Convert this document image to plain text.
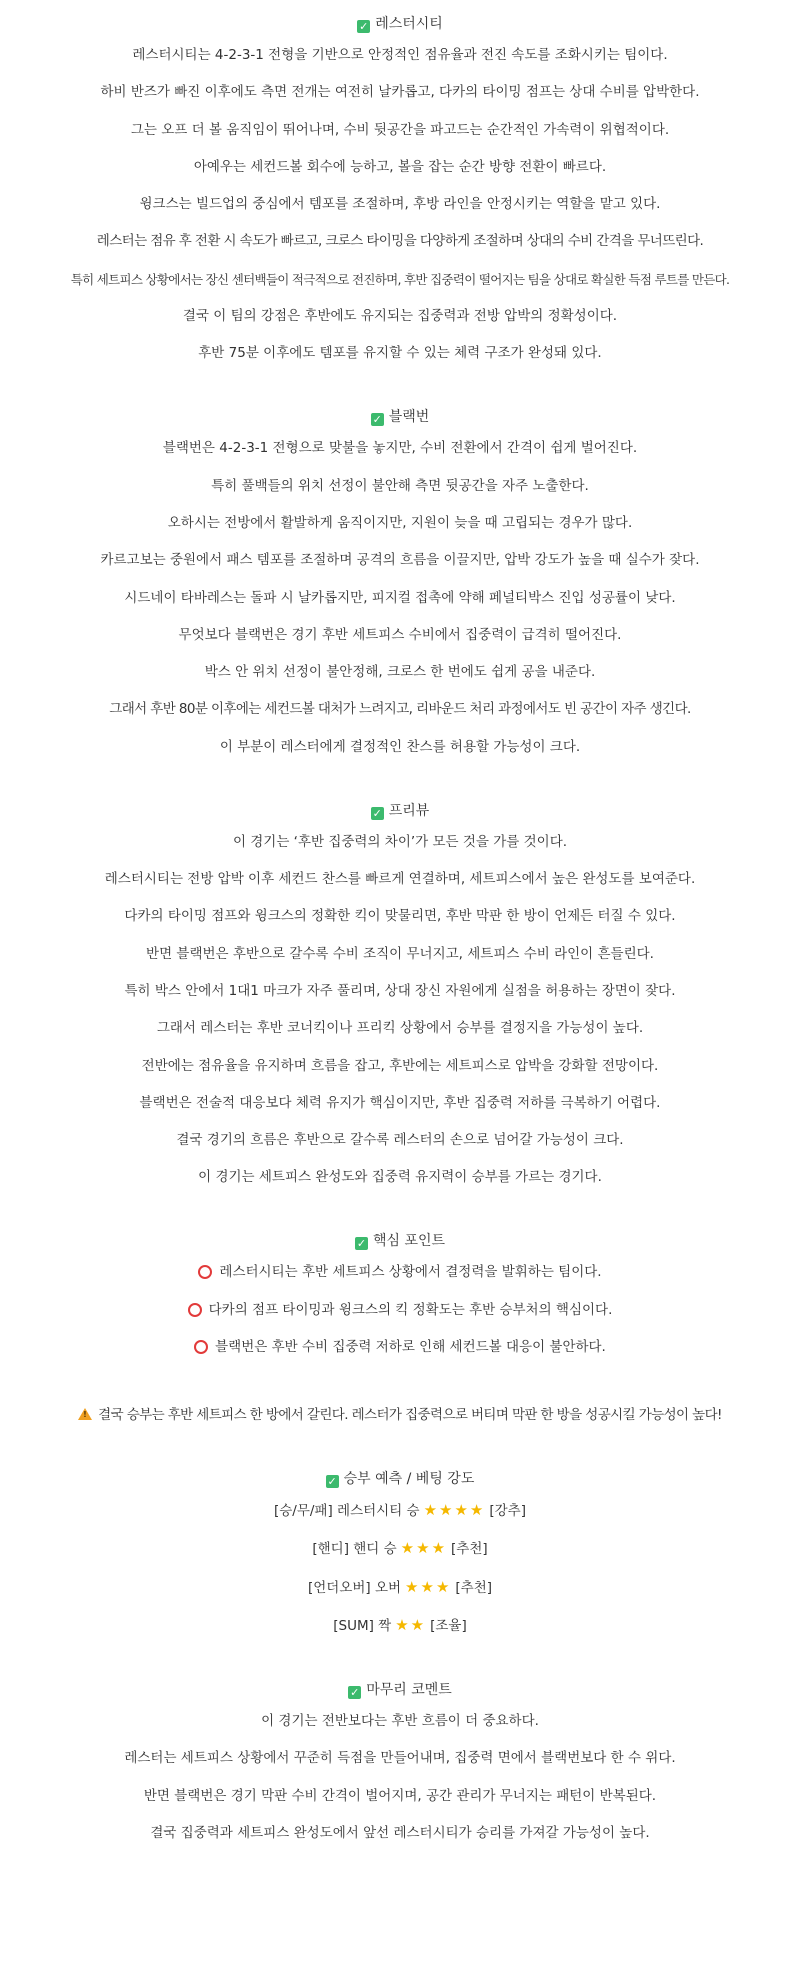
✓ 레스터시티
레스터시티는 4-2-3-1 전형을 기반으로 안정적인 점유율과 전진 속도를 조화시키는 팀이다.
하비 반즈가 빠진 이후에도 측면 전개는 여전히 날카롭고, 다카의 타이밍 점프는 상대 수비를 압박한다.
그는 오프 더 볼 움직임이 뛰어나며, 수비 뒷공간을 파고드는 순간적인 가속력이 위협적이다.
아예우는 세컨드볼 회수에 능하고, 볼을 잡는 순간 방향 전환이 빠르다.
윙크스는 빌드업의 중심에서 템포를 조절하며, 후방 라인을 안정시키는 역할을 맡고 있다.
레스터는 점유 후 전환 시 속도가 빠르고, 크로스 타이밍을 다양하게 조절하며 상대의 수비 간격을 무너뜨린다.
특히 세트피스 상황에서는 장신 센터백들이 적극적으로 전진하며, 후반 집중력이 떨어지는 팀을 상대로 확실한 득점 루트를 만든다.
결국 이 팀의 강점은 후반에도 유지되는 집중력과 전방 압박의 정확성이다.
후반 75분 이후에도 템포를 유지할 수 있는 체력 구조가 완성돼 있다.
✓ 블랙번
블랙번은 4-2-3-1 전형으로 맞불을 놓지만, 수비 전환에서 간격이 쉽게 벌어진다.
특히 풀백들의 위치 선정이 불안해 측면 뒷공간을 자주 노출한다.
오하시는 전방에서 활발하게 움직이지만, 지원이 늦을 때 고립되는 경우가 많다.
카르고보는 중원에서 패스 템포를 조절하며 공격의 흐름을 이끌지만, 압박 강도가 높을 때 실수가 잦다.
시드네이 타바레스는 돌파 시 날카롭지만, 피지컬 접촉에 약해 페널티박스 진입 성공률이 낮다.
무엇보다 블랙번은 경기 후반 세트피스 수비에서 집중력이 급격히 떨어진다.
박스 안 위치 선정이 불안정해, 크로스 한 번에도 쉽게 공을 내준다.
그래서 후반 80분 이후에는 세컨드볼 대처가 느려지고, 리바운드 처리 과정에서도 빈 공간이 자주 생긴다.
이 부분이 레스터에게 결정적인 찬스를 허용할 가능성이 크다.
✓ 프리뷰
이 경기는 ‘후반 집중력의 차이’가 모든 것을 가를 것이다.
레스터시티는 전방 압박 이후 세컨드 찬스를 빠르게 연결하며, 세트피스에서 높은 완성도를 보여준다.
다카의 타이밍 점프와 윙크스의 정확한 킥이 맞물리면, 후반 막판 한 방이 언제든 터질 수 있다.
반면 블랙번은 후반으로 갈수록 수비 조직이 무너지고, 세트피스 수비 라인이 흔들린다.
특히 박스 안에서 1대1 마크가 자주 풀리며, 상대 장신 자원에게 실점을 허용하는 장면이 잦다.
그래서 레스터는 후반 코너킥이나 프리킥 상황에서 승부를 결정지을 가능성이 높다.
전반에는 점유율을 유지하며 흐름을 잡고, 후반에는 세트피스로 압박을 강화할 전망이다.
블랙번은 전술적 대응보다 체력 유지가 핵심이지만, 후반 집중력 저하를 극복하기 어렵다.
결국 경기의 흐름은 후반으로 갈수록 레스터의 손으로 넘어갈 가능성이 크다.
이 경기는 세트피스 완성도와 집중력 유지력이 승부를 가르는 경기다.
✓ 핵심 포인트
레스터시티는 후반 세트피스 상황에서 결정력을 발휘하는 팀이다.
다카의 점프 타이밍과 윙크스의 킥 정확도는 후반 승부처의 핵심이다.
블랙번은 후반 수비 집중력 저하로 인해 세컨드볼 대응이 불안하다.
! 결국 승부는 후반 세트피스 한 방에서 갈린다. 레스터가 집중력으로 버티며 막판 한 방을 성공시킬 가능성이 높다!
✓ 승부 예측 / 베팅 강도
[승/무/패] 레스터시티 승 ★★★★ [강추]
[핸디] 핸디 승 ★★★ [추천]
[언더오버] 오버 ★★★ [추천]
[SUM] 짝 ★★ [조율]
✓ 마무리 코멘트
이 경기는 전반보다는 후반 흐름이 더 중요하다.
레스터는 세트피스 상황에서 꾸준히 득점을 만들어내며, 집중력 면에서 블랙번보다 한 수 위다.
반면 블랙번은 경기 막판 수비 간격이 벌어지며, 공간 관리가 무너지는 패턴이 반복된다.
결국 집중력과 세트피스 완성도에서 앞선 레스터시티가 승리를 가져갈 가능성이 높다.
